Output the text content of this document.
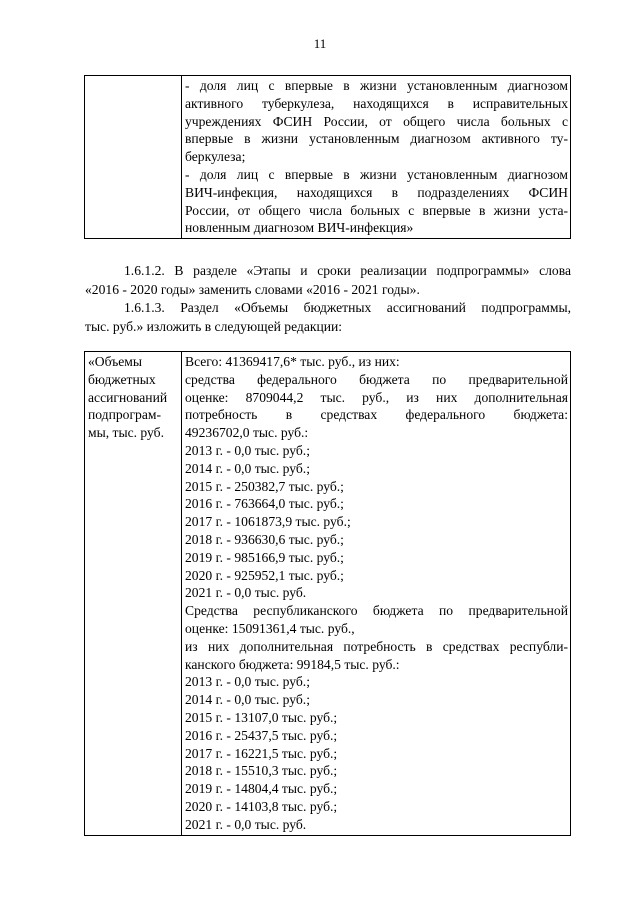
11

- доля лиц с впервые в жизни установленным диагнозом
активного туберкулеза, находящихся в исправительных
учреждениях ФСИН России, от общего числа больных с
впервые в жизни установленным диагнозом активного ту-
беркулеза;
- доля лиц с впервые в жизни установленным диагнозом
ВИЧ-инфекция, находящихся в подразделениях ФСИН
России, от общего числа больных с впервые в жизни уста-
новленным диагнозом ВИЧ-инфекция»
1.6.1.2. В разделе «Этапы и сроки реализации подпрограммы» слова
«2016 - 2020 годы» заменить словами «2016 - 2021 годы».
1.6.1.3. Раздел «Объемы бюджетных ассигнований подпрограммы,
тыс. руб.» изложить в следующей редакции:
«Объемы
бюджетных
ассигнований
подпрограм-
мы, тыс. руб.

Всего: 41369417,6* тыс. руб., из них:
средства федерального бюджета по предварительной
оценке: 8709044,2 тыс. руб., из них дополнительная
потребность в средствах федерального бюджета:
49236702,0 тыс. руб.:
2013 г. - 0,0 тыс. руб.;
2014 г. - 0,0 тыс. руб.;
2015 г. - 250382,7 тыс. руб.;
2016 г. - 763664,0 тыс. руб.;
2017 г. - 1061873,9 тыс. руб.;
2018 г. - 936630,6 тыс. руб.;
2019 г. - 985166,9 тыс. руб.;
2020 г. - 925952,1 тыс. руб.;
2021 г. - 0,0 тыс. руб.
Средства республиканского бюджета по предварительной
оценке: 15091361,4 тыс. руб.,
из них дополнительная потребность в средствах республи-
канского бюджета: 99184,5 тыс. руб.:
2013 г. - 0,0 тыс. руб.;
2014 г. - 0,0 тыс. руб.;
2015 г. - 13107,0 тыс. руб.;
2016 г. - 25437,5 тыс. руб.;
2017 г. - 16221,5 тыс. руб.;
2018 г. - 15510,3 тыс. руб.;
2019 г. - 14804,4 тыс. руб.;
2020 г. - 14103,8 тыс. руб.;
2021 г. - 0,0 тыс. руб.
